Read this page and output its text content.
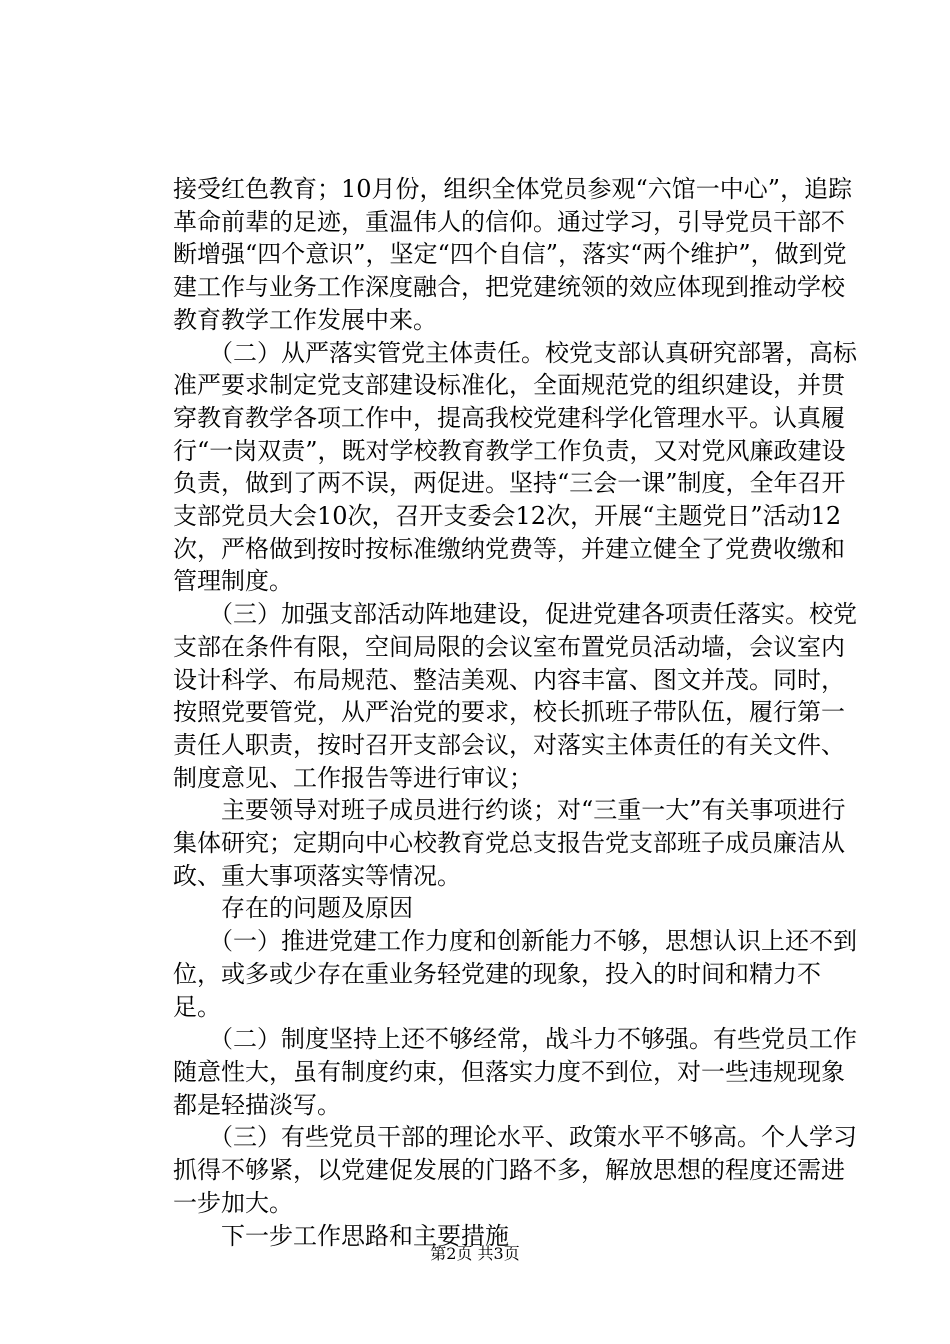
接受红色教育；10月份，组织全体党员参观“六馆一中心”，追踪革命前辈的足迹，重温伟人的信仰。通过学习，引导党员干部不断增强“四个意识”，坚定“四个自信”，落实“两个维护”，做到党建工作与业务工作深度融合，把党建统领的效应体现到推动学校教育教学工作发展中来。

　　（二）从严落实管党主体责任。校党支部认真研究部署，高标准严要求制定党支部建设标准化，全面规范党的组织建设，并贯穿教育教学各项工作中，提高我校党建科学化管理水平。认真履行“一岗双责”，既对学校教育教学工作负责，又对党风廉政建设负责，做到了两不误，两促进。坚持“三会一课”制度，全年召开支部党员大会10次，召开支委会12次，开展“主题党日”活动12次，严格做到按时按标准缴纳党费等，并建立健全了党费收缴和管理制度。

　　（三）加强支部活动阵地建设，促进党建各项责任落实。校党支部在条件有限，空间局限的会议室布置党员活动墙，会议室内设计科学、布局规范、整洁美观、内容丰富、图文并茂。同时，按照党要管党，从严治党的要求，校长抓班子带队伍，履行第一责任人职责，按时召开支部会议，对落实主体责任的有关文件、制度意见、工作报告等进行审议；

　　主要领导对班子成员进行约谈；对“三重一大”有关事项进行集体研究；定期向中心校教育党总支报告党支部班子成员廉洁从政、重大事项落实等情况。

　　存在的问题及原因

　　（一）推进党建工作力度和创新能力不够，思想认识上还不到位，或多或少存在重业务轻党建的现象，投入的时间和精力不足。

　　（二）制度坚持上还不够经常，战斗力不够强。有些党员工作随意性大，虽有制度约束，但落实力度不到位，对一些违规现象都是轻描淡写。

　　（三）有些党员干部的理论水平、政策水平不够高。个人学习抓得不够紧，以党建促发展的门路不多，解放思想的程度还需进一步加大。

　　下一步工作思路和主要措施

第2页 共3页
